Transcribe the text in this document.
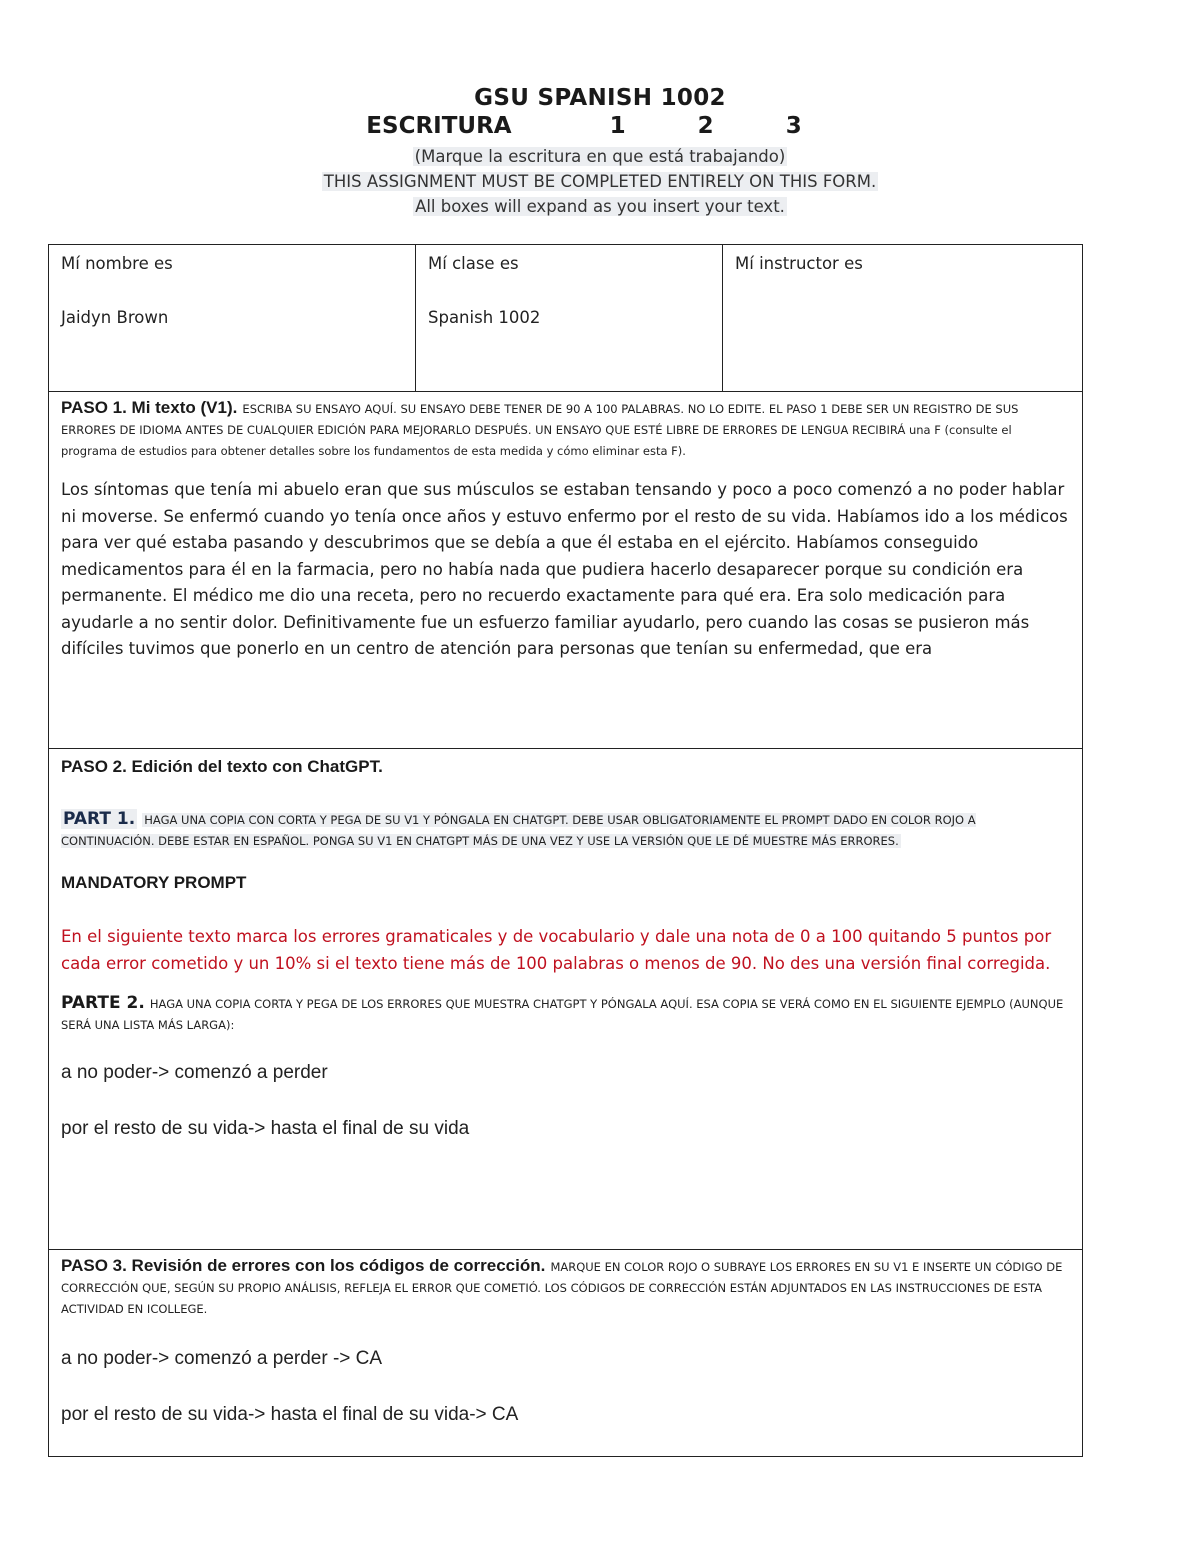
GSU SPANISH 1002
ESCRITURA	1	2	3
(Marque la escritura en que está trabajando)
THIS ASSIGNMENT MUST BE COMPLETED ENTIRELY ON THIS FORM.
All boxes will expand as you insert your text.
Mí nombre es
Jaidyn Brown

Mí clase es
Spanish 1002

Mí instructor es

PASO 1. Mi texto (V1). ESCRIBA SU ENSAYO AQUÍ. SU ENSAYO DEBE TENER DE 90 A 100 PALABRAS. NO LO EDITE. EL PASO 1 DEBE SER UN REGISTRO DE SUS ERRORES DE IDIOMA ANTES DE CUALQUIER EDICIÓN PARA MEJORARLO DESPUÉS. UN ENSAYO QUE ESTÉ LIBRE DE ERRORES DE LENGUA RECIBIRÁ una F (consulte el programa de estudios para obtener detalles sobre los fundamentos de esta medida y cómo eliminar esta F).
Los síntomas que tenía mi abuelo eran que sus músculos se estaban tensando y poco a poco comenzó a no poder hablar ni moverse. Se enfermó cuando yo tenía once años y estuvo enfermo por el resto de su vida. Habíamos ido a los médicos para ver qué estaba pasando y descubrimos que se debía a que él estaba en el ejército. Habíamos conseguido medicamentos para él en la farmacia, pero no había nada que pudiera hacerlo desaparecer porque su condición era permanente. El médico me dio una receta, pero no recuerdo exactamente para qué era. Era solo medicación para ayudarle a no sentir dolor. Definitivamente fue un esfuerzo familiar ayudarlo, pero cuando las cosas se pusieron más difíciles tuvimos que ponerlo en un centro de atención para personas que tenían su enfermedad, que era

PASO 2. Edición del texto con ChatGPT.
PART 1. HAGA UNA COPIA CON CORTA Y PEGA DE SU V1 Y PÓNGALA EN CHATGPT. DEBE USAR OBLIGATORIAMENTE EL PROMPT DADO EN COLOR ROJO A CONTINUACIÓN. DEBE ESTAR EN ESPAÑOL. PONGA SU V1 EN CHATGPT MÁS DE UNA VEZ Y USE LA VERSIÓN QUE LE DÉ MUESTRE MÁS ERRORES.
MANDATORY PROMPT
En el siguiente texto marca los errores gramaticales y de vocabulario y dale una nota de 0 a 100 quitando 5 puntos por cada error cometido y un 10% si el texto tiene más de 100 palabras o menos de 90. No des una versión final corregida.
PARTE 2. HAGA UNA COPIA CORTA Y PEGA DE LOS ERRORES QUE MUESTRA CHATGPT Y PÓNGALA AQUÍ. ESA COPIA SE VERÁ COMO EN EL SIGUIENTE EJEMPLO (AUNQUE SERÁ UNA LISTA MÁS LARGA):
a no poder-> comenzó a perder
por el resto de su vida-> hasta el final de su vida

PASO 3. Revisión de errores con los códigos de corrección. MARQUE EN COLOR ROJO O SUBRAYE LOS ERRORES EN SU V1 E INSERTE UN CÓDIGO DE CORRECCIÓN QUE, SEGÚN SU PROPIO ANÁLISIS, REFLEJA EL ERROR QUE COMETIÓ. LOS CÓDIGOS DE CORRECCIÓN ESTÁN ADJUNTADOS EN LAS INSTRUCCIONES DE ESTA ACTIVIDAD EN ICOLLEGE.
a no poder-> comenzó a perder -> CA
por el resto de su vida-> hasta el final de su vida-> CA
